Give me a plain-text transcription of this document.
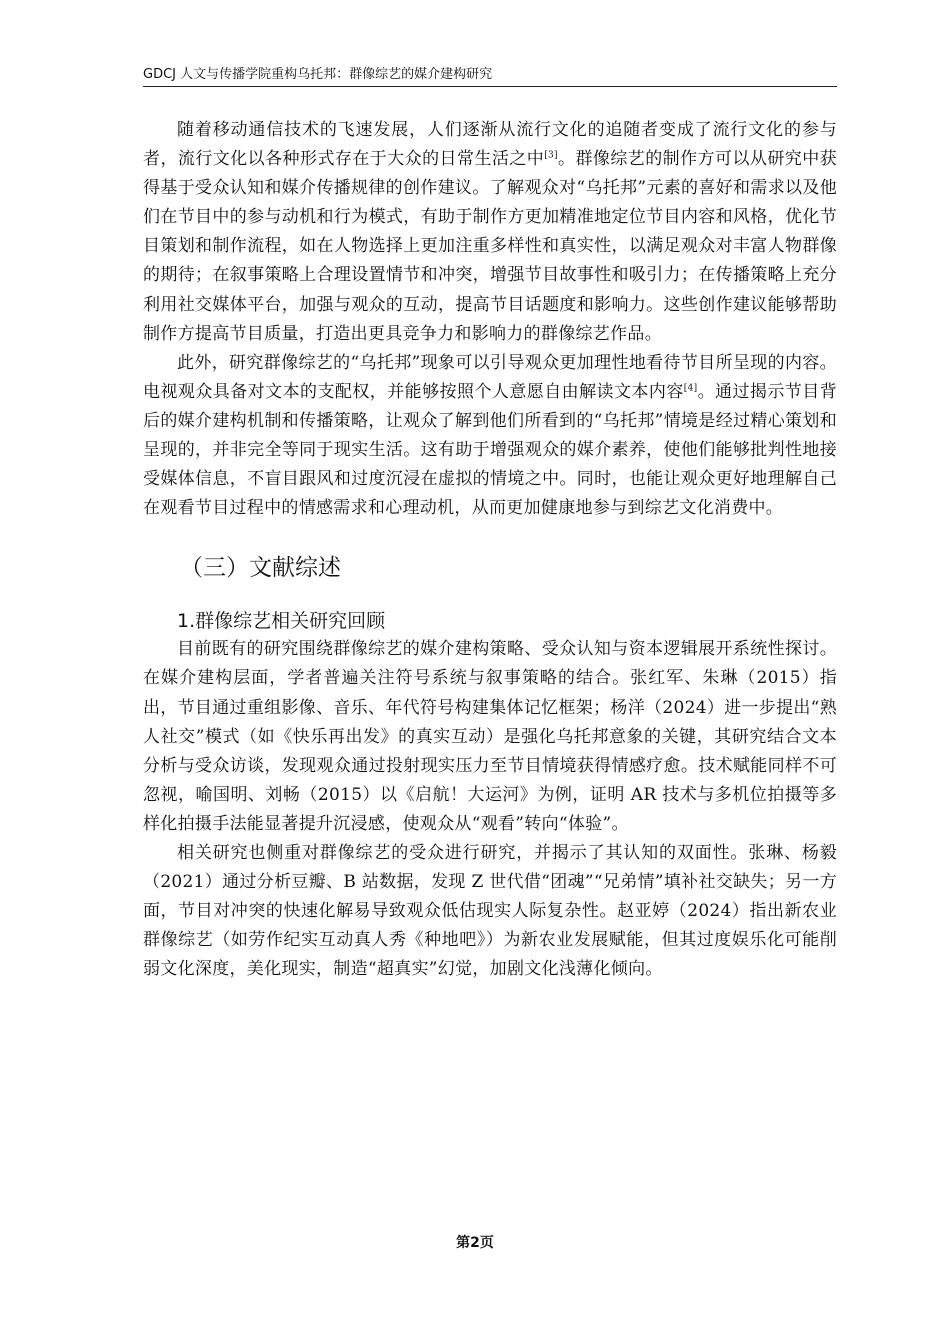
GDCJ 人文与传播学院重构乌托邦：群像综艺的媒介建构研究

随着移动通信技术的飞速发展，人们逐渐从流行文化的追随者变成了流行文化的参与者，流行文化以各种形式存在于大众的日常生活之中[3]。群像综艺的制作方可以从研究中获得基于受众认知和媒介传播规律的创作建议。了解观众对“乌托邦”元素的喜好和需求以及他们在节目中的参与动机和行为模式，有助于制作方更加精准地定位节目内容和风格，优化节目策划和制作流程，如在人物选择上更加注重多样性和真实性，以满足观众对丰富人物群像的期待；在叙事策略上合理设置情节和冲突，增强节目故事性和吸引力；在传播策略上充分利用社交媒体平台，加强与观众的互动，提高节目话题度和影响力。这些创作建议能够帮助制作方提高节目质量，打造出更具竞争力和影响力的群像综艺作品。

此外，研究群像综艺的“乌托邦”现象可以引导观众更加理性地看待节目所呈现的内容。电视观众具备对文本的支配权，并能够按照个人意愿自由解读文本内容[4]。通过揭示节目背后的媒介建构机制和传播策略，让观众了解到他们所看到的“乌托邦”情境是经过精心策划和呈现的，并非完全等同于现实生活。这有助于增强观众的媒介素养，使他们能够批判性地接受媒体信息，不盲目跟风和过度沉浸在虚拟的情境之中。同时，也能让观众更好地理解自己在观看节目过程中的情感需求和心理动机，从而更加健康地参与到综艺文化消费中。

（三）文献综述
1.群像综艺相关研究回顾

目前既有的研究围绕群像综艺的媒介建构策略、受众认知与资本逻辑展开系统性探讨。在媒介建构层面，学者普遍关注符号系统与叙事策略的结合。张红军、朱琳（2015）指出，节目通过重组影像、音乐、年代符号构建集体记忆框架；杨洋（2024）进一步提出“熟人社交”模式（如《快乐再出发》的真实互动）是强化乌托邦意象的关键，其研究结合文本分析与受众访谈，发现观众通过投射现实压力至节目情境获得情感疗愈。技术赋能同样不可忽视，喻国明、刘畅（2015）以《启航！大运河》为例，证明 AR 技术与多机位拍摄等多样化拍摄手法能显著提升沉浸感，使观众从“观看”转向“体验”。

相关研究也侧重对群像综艺的受众进行研究，并揭示了其认知的双面性。张琳、杨毅（2021）通过分析豆瓣、B 站数据，发现 Z 世代借“团魂”“兄弟情”填补社交缺失；另一方面，节目对冲突的快速化解易导致观众低估现实人际复杂性。赵亚婷（2024）指出新农业群像综艺（如劳作纪实互动真人秀《种地吧》）为新农业发展赋能，但其过度娱乐化可能削弱文化深度，美化现实，制造“超真实”幻觉，加剧文化浅薄化倾向。

第2页
